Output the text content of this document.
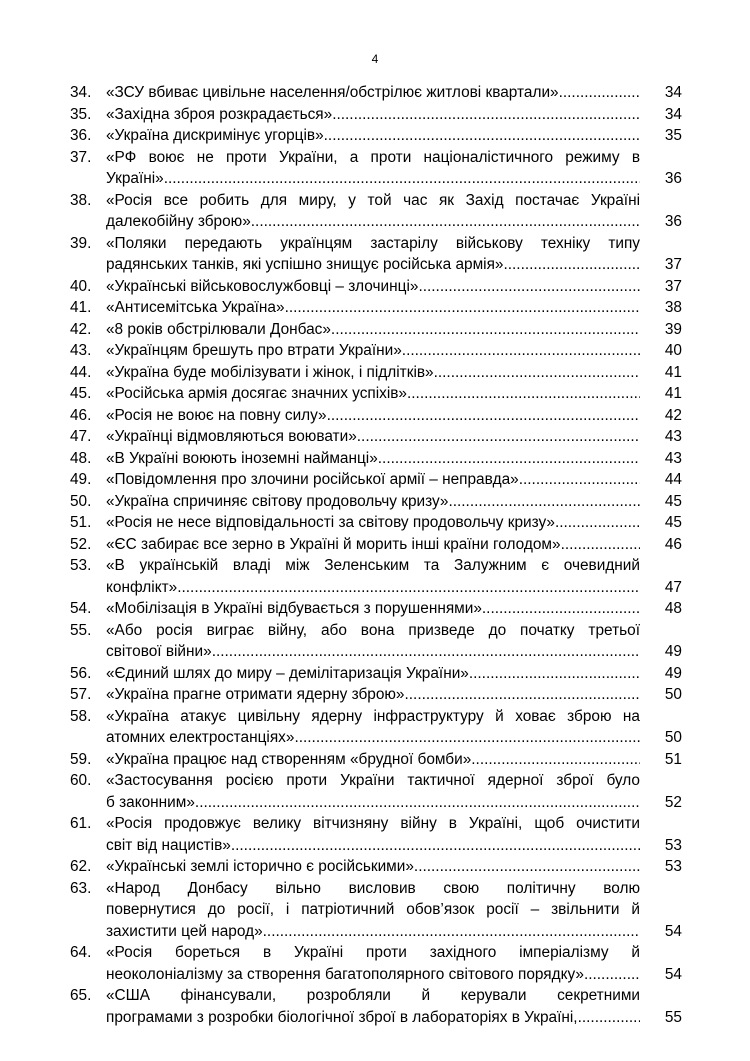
4
34. «ЗСУ вбиває цивільне населення/обстрілює житлові квартали» .....	34
35. «Західна зброя розкрадається» .....	34
36. «Україна дискримінує угорців» .....	35
37. «РФ воює не проти України, а проти націоналістичного режиму в
Україні» .....	36
38. «Росія все робить для миру, у той час як Захід постачає Україні
далекобійну зброю» .....	36
39. «Поляки передають українцям застарілу військову техніку типу
радянських танків, які успішно знищує російська армія» .....	37
40. «Українські військовослужбовці – злочинці» .....	37
41. «Антисемітська Україна» .....	38
42. «8 років обстрілювали Донбас» .....	39
43. «Українцям брешуть про втрати України» .....	40
44. «Україна буде мобілізувати і жінок, і підлітків» .....	41
45. «Російська армія досягає значних успіхів» .....	41
46. «Росія не воює на повну силу» .....	42
47. «Українці відмовляються воювати» .....	43
48. «В Україні воюють іноземні найманці» .....	43
49. «Повідомлення про злочини російської армії – неправда» .....	44
50. «Україна спричиняє світову продовольчу кризу» .....	45
51. «Росія не несе відповідальності за світову продовольчу кризу» .....	45
52. «ЄС забирає все зерно в Україні й морить інші країни голодом» .....	46
53. «В українській владі між Зеленським та Залужним є очевидний
конфлікт» .....	47
54. «Мобілізація в Україні відбувається з порушеннями» .....	48
55. «Або росія виграє війну, або вона призведе до початку третьої
світової війни» .....	49
56. «Єдиний шлях до миру – демілітаризація України» .....	49
57. «Україна прагне отримати ядерну зброю» .....	50
58. «Україна атакує цивільну ядерну інфраструктуру й ховає зброю на
атомних електростанціях» .....	50
59. «Україна працює над створенням «брудної бомби» .....	51
60. «Застосування росією проти України тактичної ядерної зброї було
б законним» .....	52
61. «Росія продовжує велику вітчизняну війну в Україні, щоб очистити
світ від нацистів» .....	53
62. «Українські землі історично є російськими» .....	53
63. «Народ Донбасу вільно висловив свою політичну волю
повернутися до росії, і патріотичний обов’язок росії – звільнити й
захистити цей народ» .....	54
64. «Росія бореться в Україні проти західного імперіалізму й
неоколоніалізму за створення багатополярного світового порядку» .....	54
65. «США фінансували, розробляли й керували секретними
програмами з розробки біологічної зброї в лабораторіях в Україні, .....	55
